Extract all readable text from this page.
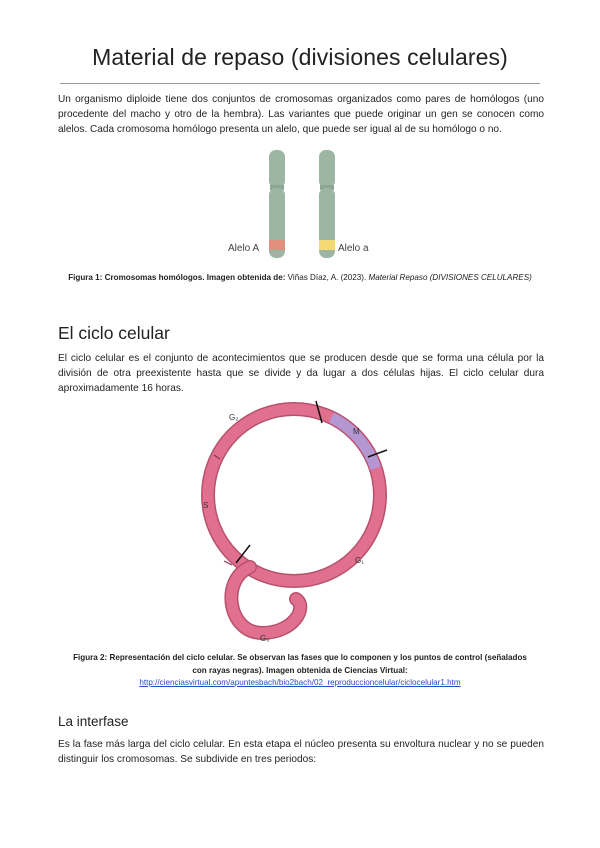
Material de repaso (divisiones celulares)

Un organismo diploide tiene dos conjuntos de cromosomas organizados como pares de homólogos (uno procedente del macho y otro de la hembra). Las variantes que puede originar un gen se conocen como alelos. Cada cromosoma homólogo presenta un alelo, que puede ser igual al de su homólogo o no.

Alelo A	Alelo a
Figura 1: Cromosomas homólogos. Imagen obtenida de: Viñas Díaz, A. (2023). Material Repaso (DIVISIONES CELULARES)
El ciclo celular

El ciclo celular es el conjunto de acontecimientos que se producen desde que se forma una célula por la división de otra preexistente hasta que se divide y da lugar a dos células hijas. El ciclo celular dura aproximadamente 16 horas.

G₂
M
S
G₁
G₀
Figura 2: Representación del ciclo celular. Se observan las fases que lo componen y los puntos de control (señalados
con rayas negras). Imagen obtenida de Ciencias Virtual:
http://cienciasvirtual.com/apuntesbach/bio2bach/02_reproduccioncelular/ciclocelular1.htm
La interfase

Es la fase más larga del ciclo celular. En esta etapa el núcleo presenta su envoltura nuclear y no se pueden distinguir los cromosomas. Se subdivide en tres periodos:
